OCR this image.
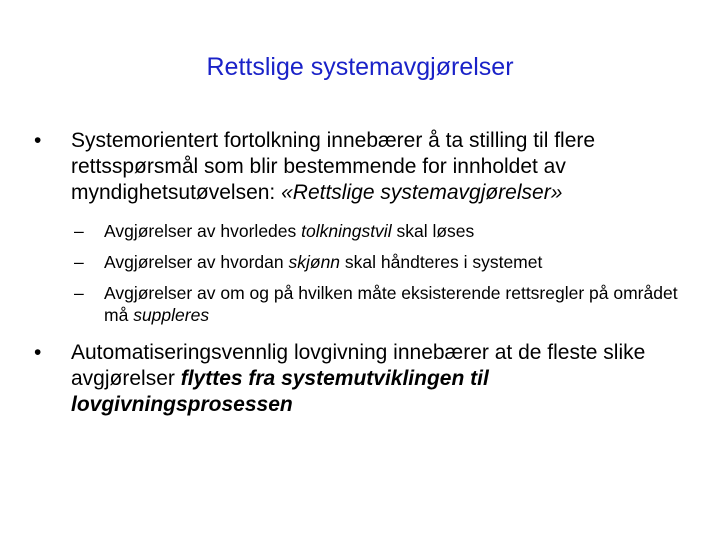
Rettslige systemavgjørelser
• Systemorientert fortolkning innebærer å ta stilling til flere rettsspørsmål som blir bestemmende for innholdet av myndighetsutøvelsen: «Rettslige systemavgjørelser»
– Avgjørelser av hvorledes tolkningstvil skal løses
– Avgjørelser av hvordan skjønn skal håndteres i systemet
– Avgjørelser av om og på hvilken måte eksisterende rettsregler på området må suppleres
• Automatiseringsvennlig lovgivning innebærer at de fleste slike avgjørelser flyttes fra systemutviklingen til lovgivningsprosessen
